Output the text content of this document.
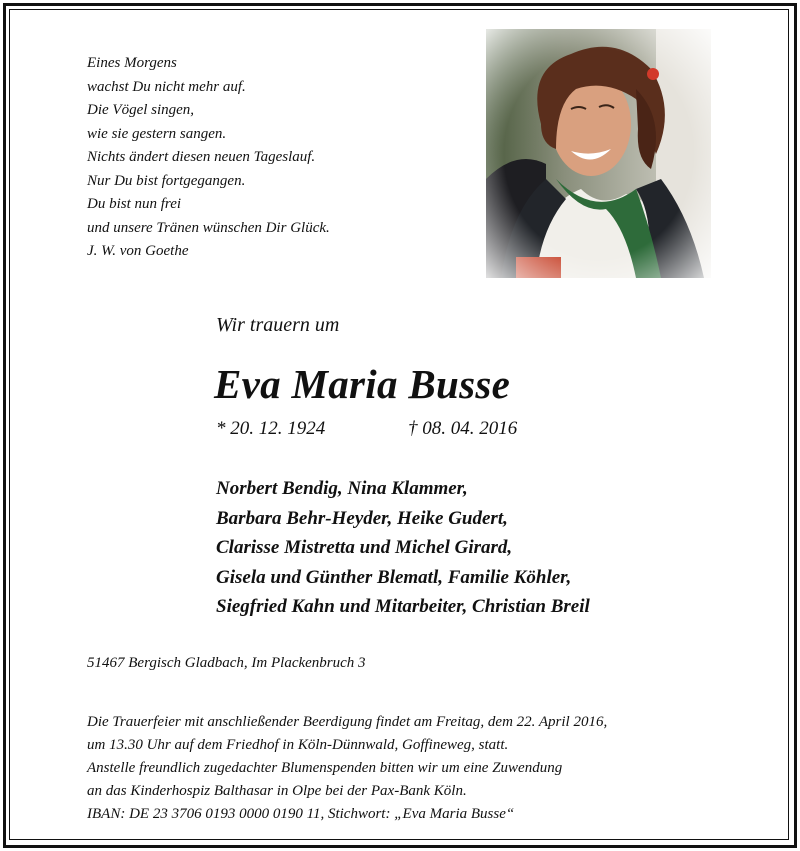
Eines Morgens
wachst Du nicht mehr auf.
Die Vögel singen,
wie sie gestern sangen.
Nichts ändert diesen neuen Tageslauf.
Nur Du bist fortgegangen.
Du bist nun frei
und unsere Tränen wünschen Dir Glück.
J. W. von Goethe
Wir trauern um
Eva Maria Busse
* 20. 12. 1924	† 08. 04. 2016
Norbert Bendig, Nina Klammer,
Barbara Behr-Heyder, Heike Gudert,
Clarisse Mistretta und Michel Girard,
Gisela und Günther Blematl, Familie Köhler,
Siegfried Kahn und Mitarbeiter, Christian Breil
51467 Bergisch Gladbach, Im Plackenbruch 3
Die Trauerfeier mit anschließender Beerdigung findet am Freitag, dem 22. April 2016,
um 13.30 Uhr auf dem Friedhof in Köln-Dünnwald, Goffineweg, statt.
Anstelle freundlich zugedachter Blumenspenden bitten wir um eine Zuwendung
an das Kinderhospiz Balthasar in Olpe bei der Pax-Bank Köln.
IBAN: DE 23 3706 0193 0000 0190 11, Stichwort: „Eva Maria Busse“
